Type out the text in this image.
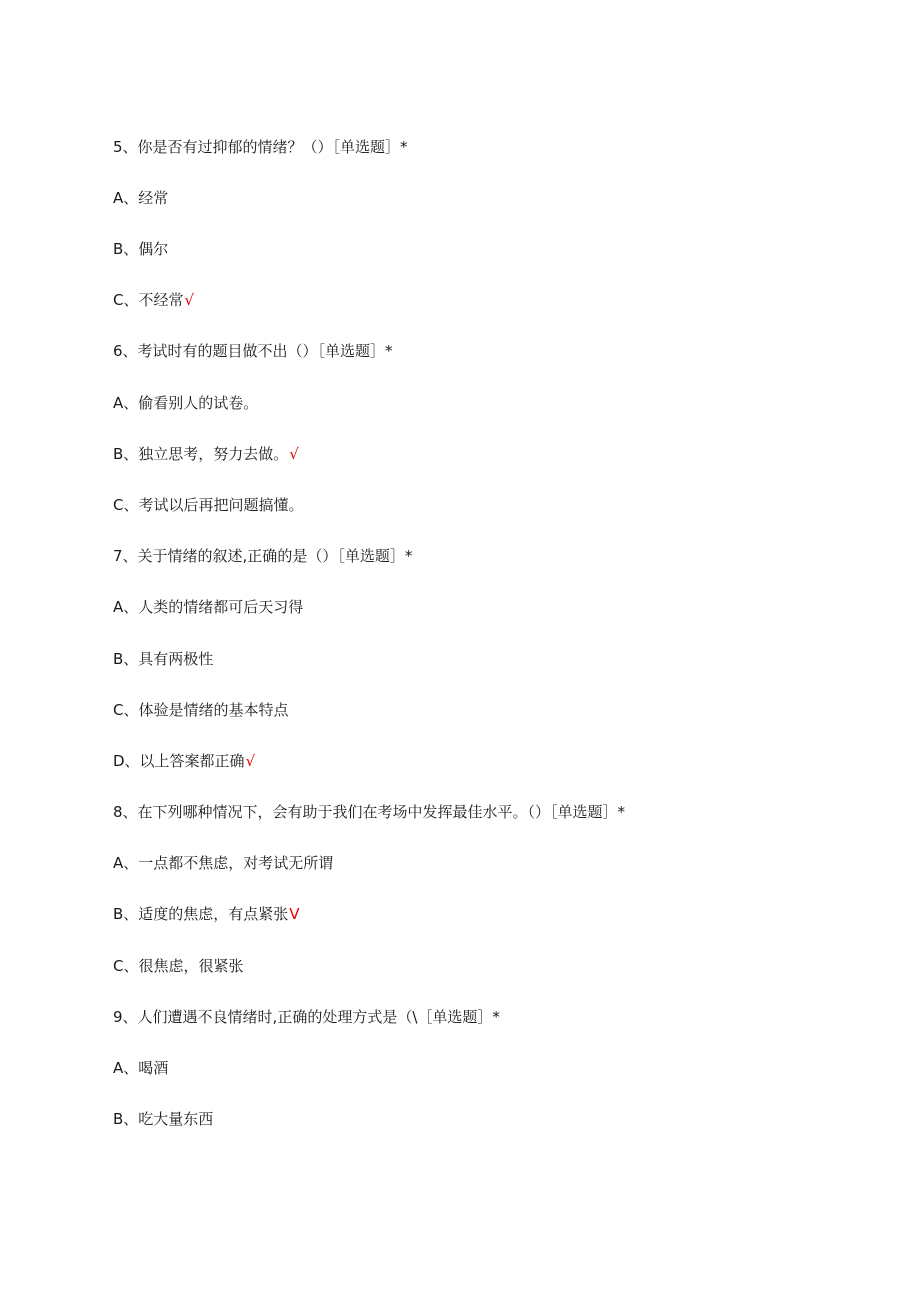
5、你是否有过抑郁的情绪？（）［单选题］*
A、经常
B、偶尔
C、不经常√
6、考试时有的题目做不出（）［单选题］*
A、偷看别人的试卷。
B、独立思考，努力去做。√
C、考试以后再把问题搞懂。
7、关于情绪的叙述,正确的是（）［单选题］*
A、人类的情绪都可后天习得
B、具有两极性
C、体验是情绪的基本特点
D、以上答案都正确√
8、在下列哪种情况下，会有助于我们在考场中发挥最佳水平。（）［单选题］*
A、一点都不焦虑，对考试无所谓
B、适度的焦虑，有点紧张V
C、很焦虑，很紧张
9、人们遭遇不良情绪时,正确的处理方式是（\［单选题］*
A、喝酒
B、吃大量东西
